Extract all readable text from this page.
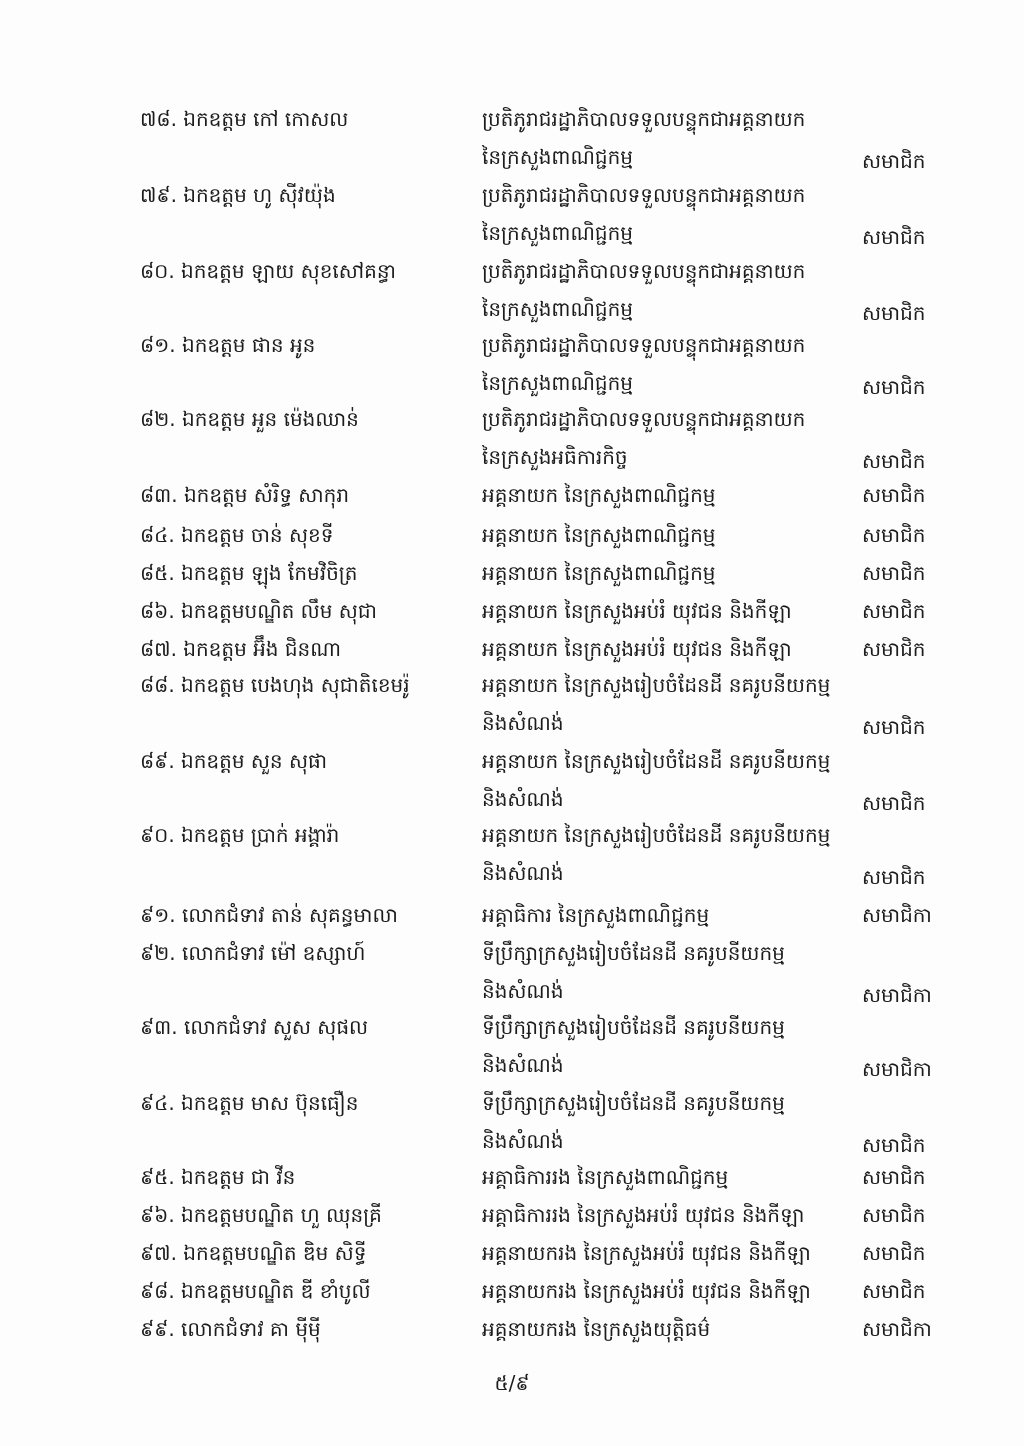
៧៨. ឯកឧត្តម កៅ កោសល	ប្រតិភូរាជរដ្ឋាភិបាលទទួលបន្ទុកជាអគ្គនាយក
នៃក្រសួងពាណិជ្ជកម្ម	សមាជិក
៧៩. ឯកឧត្តម ហូ ស៊ីវយ៉ុង	ប្រតិភូរាជរដ្ឋាភិបាលទទួលបន្ទុកជាអគ្គនាយក
នៃក្រសួងពាណិជ្ជកម្ម	សមាជិក
៨០. ឯកឧត្តម ឡាយ សុខសៅគន្ធា	ប្រតិភូរាជរដ្ឋាភិបាលទទួលបន្ទុកជាអគ្គនាយក
នៃក្រសួងពាណិជ្ជកម្ម	សមាជិក
៨១. ឯកឧត្តម ផាន អូន	ប្រតិភូរាជរដ្ឋាភិបាលទទួលបន្ទុកជាអគ្គនាយក
នៃក្រសួងពាណិជ្ជកម្ម	សមាជិក
៨២. ឯកឧត្តម អួន ម៉េងឈាន់	ប្រតិភូរាជរដ្ឋាភិបាលទទួលបន្ទុកជាអគ្គនាយក
នៃក្រសួងអធិការកិច្ច	សមាជិក
៨៣. ឯកឧត្តម សំរិទ្ធ សាកុរា	អគ្គនាយក នៃក្រសួងពាណិជ្ជកម្ម	សមាជិក
៨៤. ឯកឧត្តម ចាន់ សុខទី	អគ្គនាយក នៃក្រសួងពាណិជ្ជកម្ម	សមាជិក
៨៥. ឯកឧត្តម ឡុង កែមវិចិត្រ	អគ្គនាយក នៃក្រសួងពាណិជ្ជកម្ម	សមាជិក
៨៦. ឯកឧត្តមបណ្ឌិត លឹម សុជា	អគ្គនាយក នៃក្រសួងអប់រំ យុវជន និងកីឡា	សមាជិក
៨៧. ឯកឧត្តម អ៊ឹង ជិនណា	អគ្គនាយក នៃក្រសួងអប់រំ យុវជន និងកីឡា	សមាជិក
៨៨. ឯកឧត្តម បេងហុង សុជាតិខេមរ៉ូ	អគ្គនាយក នៃក្រសួងរៀបចំដែនដី នគរូបនីយកម្ម
និងសំណង់	សមាជិក
៨៩. ឯកឧត្តម សួន សុផា	អគ្គនាយក នៃក្រសួងរៀបចំដែនដី នគរូបនីយកម្ម
និងសំណង់	សមាជិក
៩០. ឯកឧត្តម ប្រាក់ អង្គារ៉ា	អគ្គនាយក នៃក្រសួងរៀបចំដែនដី នគរូបនីយកម្ម
និងសំណង់	សមាជិក
៩១. លោកជំទាវ តាន់ សុគន្ធមាលា	អគ្គាធិការ នៃក្រសួងពាណិជ្ជកម្ម	សមាជិកា
៩២. លោកជំទាវ ម៉ៅ ឧស្សាហ៍	ទីប្រឹក្សាក្រសួងរៀបចំដែនដី នគរូបនីយកម្ម
និងសំណង់	សមាជិកា
៩៣. លោកជំទាវ សួស សុផល	ទីប្រឹក្សាក្រសួងរៀបចំដែនដី នគរូបនីយកម្ម
និងសំណង់	សមាជិកា
៩៤. ឯកឧត្តម មាស ប៊ុនធឿន	ទីប្រឹក្សាក្រសួងរៀបចំដែនដី នគរូបនីយកម្ម
និងសំណង់	សមាជិក
៩៥. ឯកឧត្តម ជា វីន	អគ្គាធិការរង នៃក្រសួងពាណិជ្ជកម្ម	សមាជិក
៩៦. ឯកឧត្តមបណ្ឌិត ហួ ឈុនគ្រី	អគ្គាធិការរង នៃក្រសួងអប់រំ យុវជន និងកីឡា	សមាជិក
៩៧. ឯកឧត្តមបណ្ឌិត ឌិម សិទ្ធី	អគ្គនាយករង នៃក្រសួងអប់រំ យុវជន និងកីឡា	សមាជិក
៩៨. ឯកឧត្តមបណ្ឌិត ឌី ខាំបូលី	អគ្គនាយករង នៃក្រសួងអប់រំ យុវជន និងកីឡា	សមាជិក
៩៩. លោកជំទាវ គា ម៉ីម៉ី	អគ្គនាយករង នៃក្រសួងយុត្តិធម៌	សមាជិកា
៥/៩
